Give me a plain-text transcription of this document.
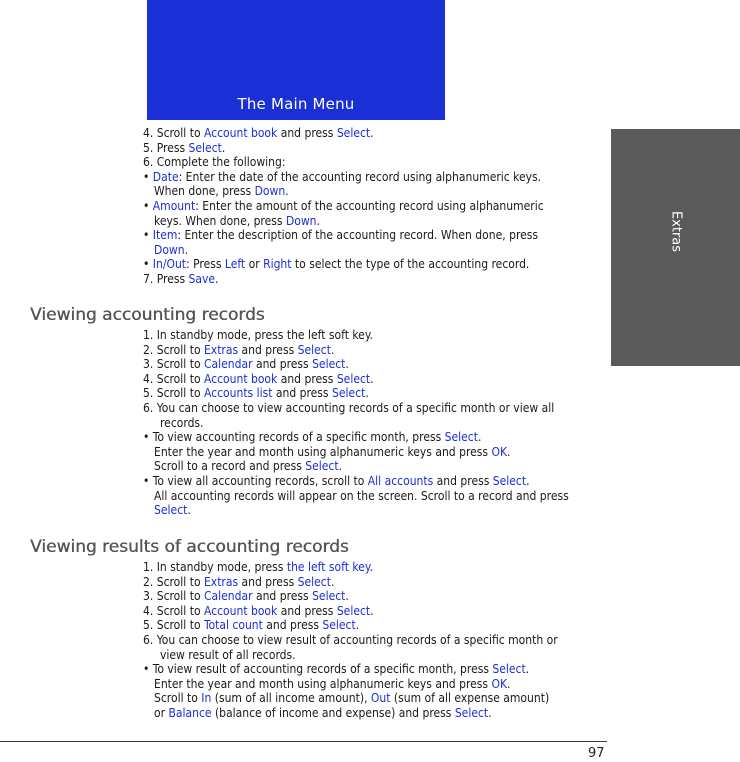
The Main Menu
Extras
4. Scroll to Account book and press Select.
5. Press Select.
6. Complete the following:
• Date: Enter the date of the accounting record using alphanumeric keys.
When done, press Down.
• Amount: Enter the amount of the accounting record using alphanumeric
keys. When done, press Down.
• Item: Enter the description of the accounting record. When done, press
Down.
• In/Out: Press Left or Right to select the type of the accounting record.
7. Press Save.
Viewing accounting records
1. In standby mode, press the left soft key.
2. Scroll to Extras and press Select.
3. Scroll to Calendar and press Select.
4. Scroll to Account book and press Select.
5. Scroll to Accounts list and press Select.
6. You can choose to view accounting records of a specific month or view all
records.
• To view accounting records of a specific month, press Select.
Enter the year and month using alphanumeric keys and press OK.
Scroll to a record and press Select.
• To view all accounting records, scroll to All accounts and press Select.
All accounting records will appear on the screen. Scroll to a record and press
Select.
Viewing results of accounting records
1. In standby mode, press the left soft key.
2. Scroll to Extras and press Select.
3. Scroll to Calendar and press Select.
4. Scroll to Account book and press Select.
5. Scroll to Total count and press Select.
6. You can choose to view result of accounting records of a specific month or
view result of all records.
• To view result of accounting records of a specific month, press Select.
Enter the year and month using alphanumeric keys and press OK.
Scroll to In (sum of all income amount), Out (sum of all expense amount)
or Balance (balance of income and expense) and press Select.
97
